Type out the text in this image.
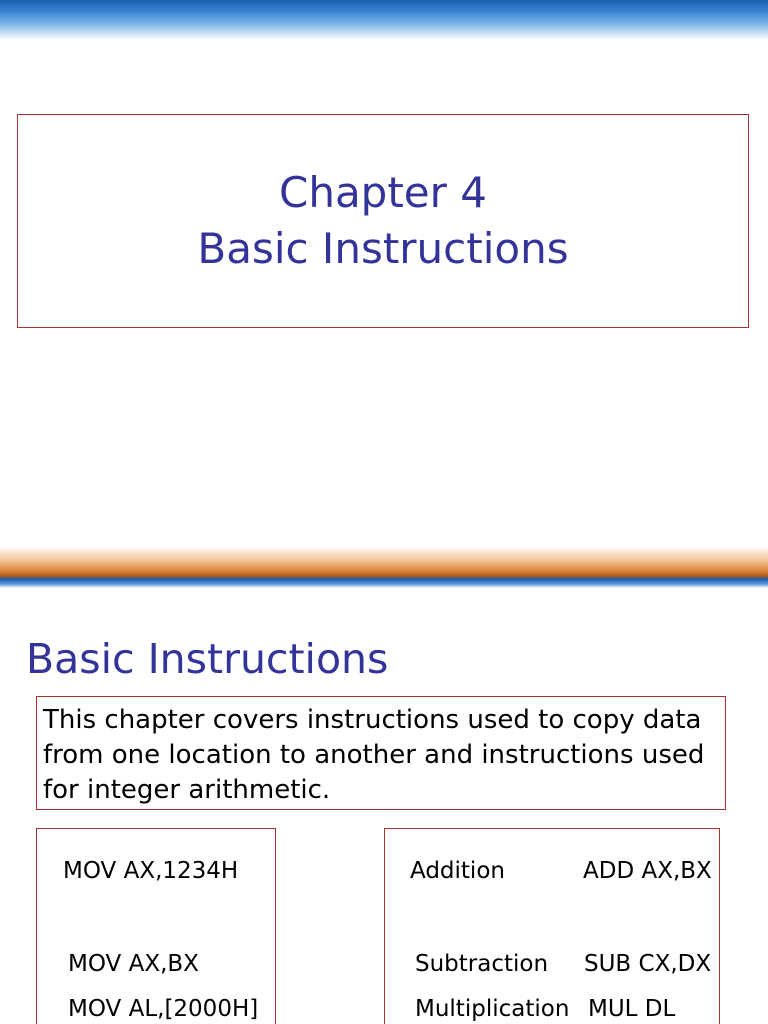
Chapter 4
Basic Instructions
Basic Instructions
This chapter covers instructions used to copy data from one location to another and instructions used for integer arithmetic.
MOV AX,1234H
MOV AX,BX
MOV AL,[2000H]
Addition	ADD AX,BX
Subtraction SUB CX,DX
Multiplication MUL DL
